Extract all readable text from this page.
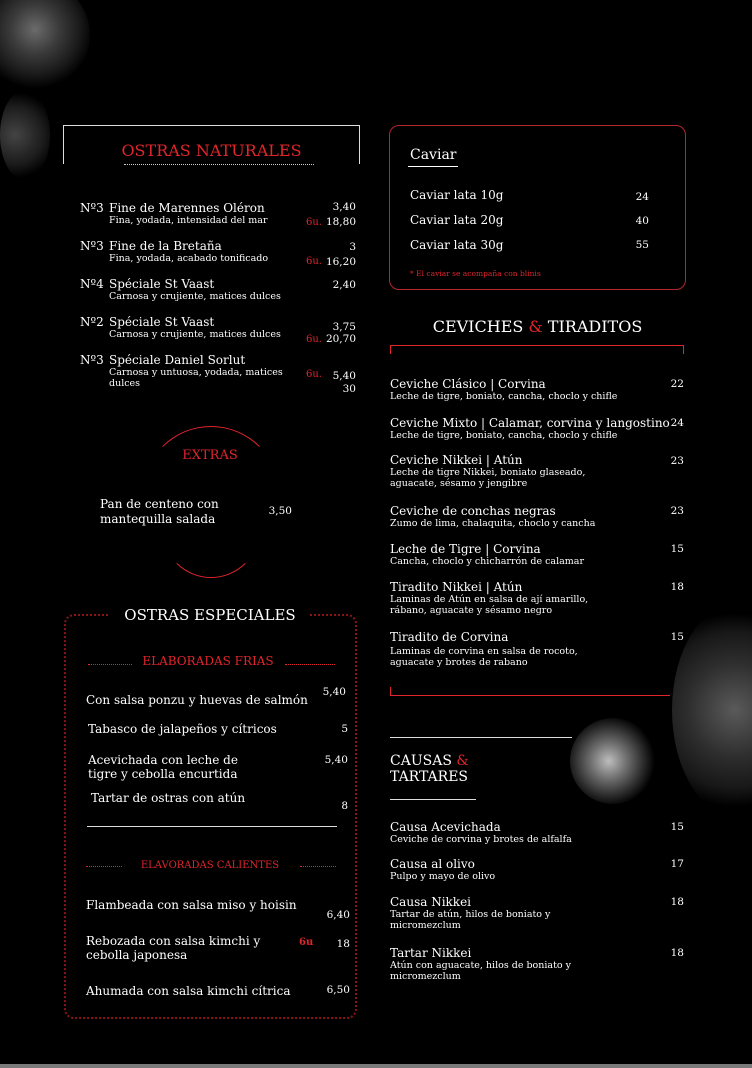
OSTRAS NATURALES
Nº3 Fine de Marennes Oléron
Fina, yodada, intensidad del mar
3,40
6u. 18,80
Nº3 Fine de la Bretaña
Fina, yodada, acabado tonificado
3
6u. 16,20
Nº4 Spéciale St Vaast
Carnosa y crujiente, matices dulces
2,40
Nº2 Spéciale St Vaast
Carnosa y crujiente, matices dulces
3,75
6u. 20,70
Nº3 Spéciale Daniel Sorlut
Carnosa y untuosa, yodada, matices dulces
6u.	5,40
30
EXTRAS
Pan de centeno con mantequilla salada
3,50
OSTRAS ESPECIALES
ELABORADAS FRIAS
Con salsa ponzu y huevas de salmón
5,40
Tabasco de jalapeños y cítricos	5
Acevichada con leche de tigre y cebolla encurtida
5,40
Tartar de ostras con atún
8
ELAVORADAS CALIENTES
Flambeada con salsa miso y hoisin
6,40
Rebozada con salsa kimchi y cebolla japonesa
6u	18
Ahumada con salsa kimchi cítrica	6,50
Caviar
Caviar lata 10g	24
Caviar lata 20g	40
Caviar lata 30g	55
* El caviar se acompaña con blinis
CEVICHES & TIRADITOS
Ceviche Clásico | Corvina
Leche de tigre, boniato, cancha, choclo y chifle
22
Ceviche Mixto | Calamar, corvina y langostino
Leche de tigre, boniato, cancha, choclo y chifle
24
Ceviche Nikkei | Atún
Leche de tigre Nikkei, boniato glaseado, aguacate, sésamo y jengibre
23
Ceviche de conchas negras
Zumo de lima, chalaquita, choclo y cancha
23
Leche de Tigre | Corvina
Cancha, choclo y chicharrón de calamar
15
Tiradito Nikkei | Atún
Laminas de Atún en salsa de ají amarillo, rábano, aguacate y sésamo negro
18
Tiradito de Corvina
Laminas de corvina en salsa de rocoto, aguacate y brotes de rabano
15
CAUSAS &
TARTARES
Causa Acevichada
Ceviche de corvina y brotes de alfalfa
15
Causa al olivo
Pulpo y mayo de olivo
17
Causa Nikkei
Tartar de atún, hilos de boniato y micromezclum
18
Tartar Nikkei
Atún con aguacate, hilos de boniato y micromezclum
18
